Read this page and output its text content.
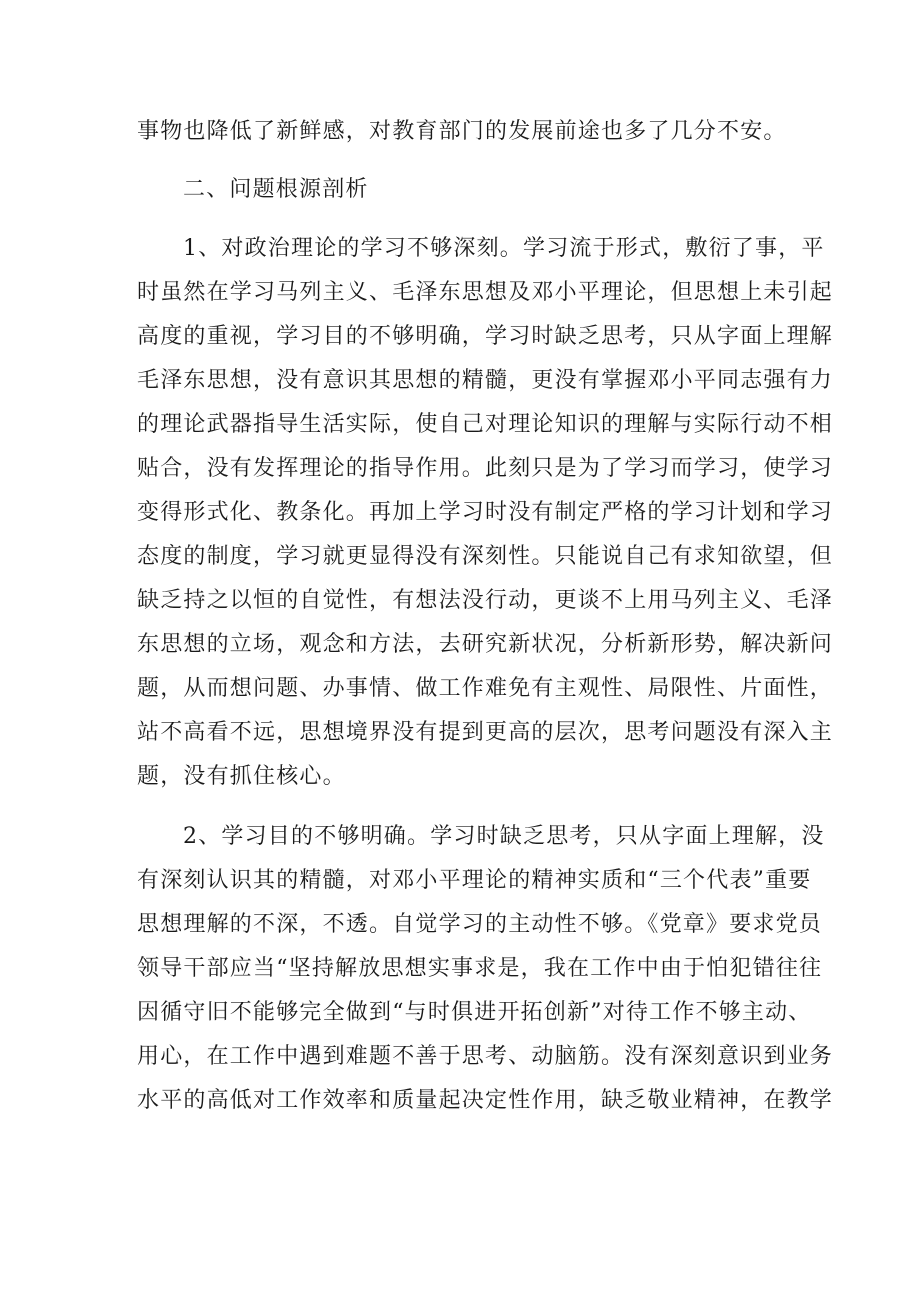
事物也降低了新鲜感，对教育部门的发展前途也多了几分不安。
二、问题根源剖析
1、对政治理论的学习不够深刻。学习流于形式，敷衍了事，平
时虽然在学习马列主义、毛泽东思想及邓小平理论，但思想上未引起
高度的重视，学习目的不够明确，学习时缺乏思考，只从字面上理解
毛泽东思想，没有意识其思想的精髓，更没有掌握邓小平同志强有力
的理论武器指导生活实际，使自己对理论知识的理解与实际行动不相
贴合，没有发挥理论的指导作用。此刻只是为了学习而学习，使学习
变得形式化、教条化。再加上学习时没有制定严格的学习计划和学习
态度的制度，学习就更显得没有深刻性。只能说自己有求知欲望，但
缺乏持之以恒的自觉性，有想法没行动，更谈不上用马列主义、毛泽
东思想的立场，观念和方法，去研究新状况，分析新形势，解决新问
题，从而想问题、办事情、做工作难免有主观性、局限性、片面性，
站不高看不远，思想境界没有提到更高的层次，思考问题没有深入主
题，没有抓住核心。
2、学习目的不够明确。学习时缺乏思考，只从字面上理解，没
有深刻认识其的精髓，对邓小平理论的精神实质和“三个代表”重要
思想理解的不深，不透。自觉学习的主动性不够。《党章》要求党员
领导干部应当“坚持解放思想实事求是，我在工作中由于怕犯错往往
因循守旧不能够完全做到“与时俱进开拓创新”对待工作不够主动、
用心，在工作中遇到难题不善于思考、动脑筋。没有深刻意识到业务
水平的高低对工作效率和质量起决定性作用，缺乏敬业精神，在教学
